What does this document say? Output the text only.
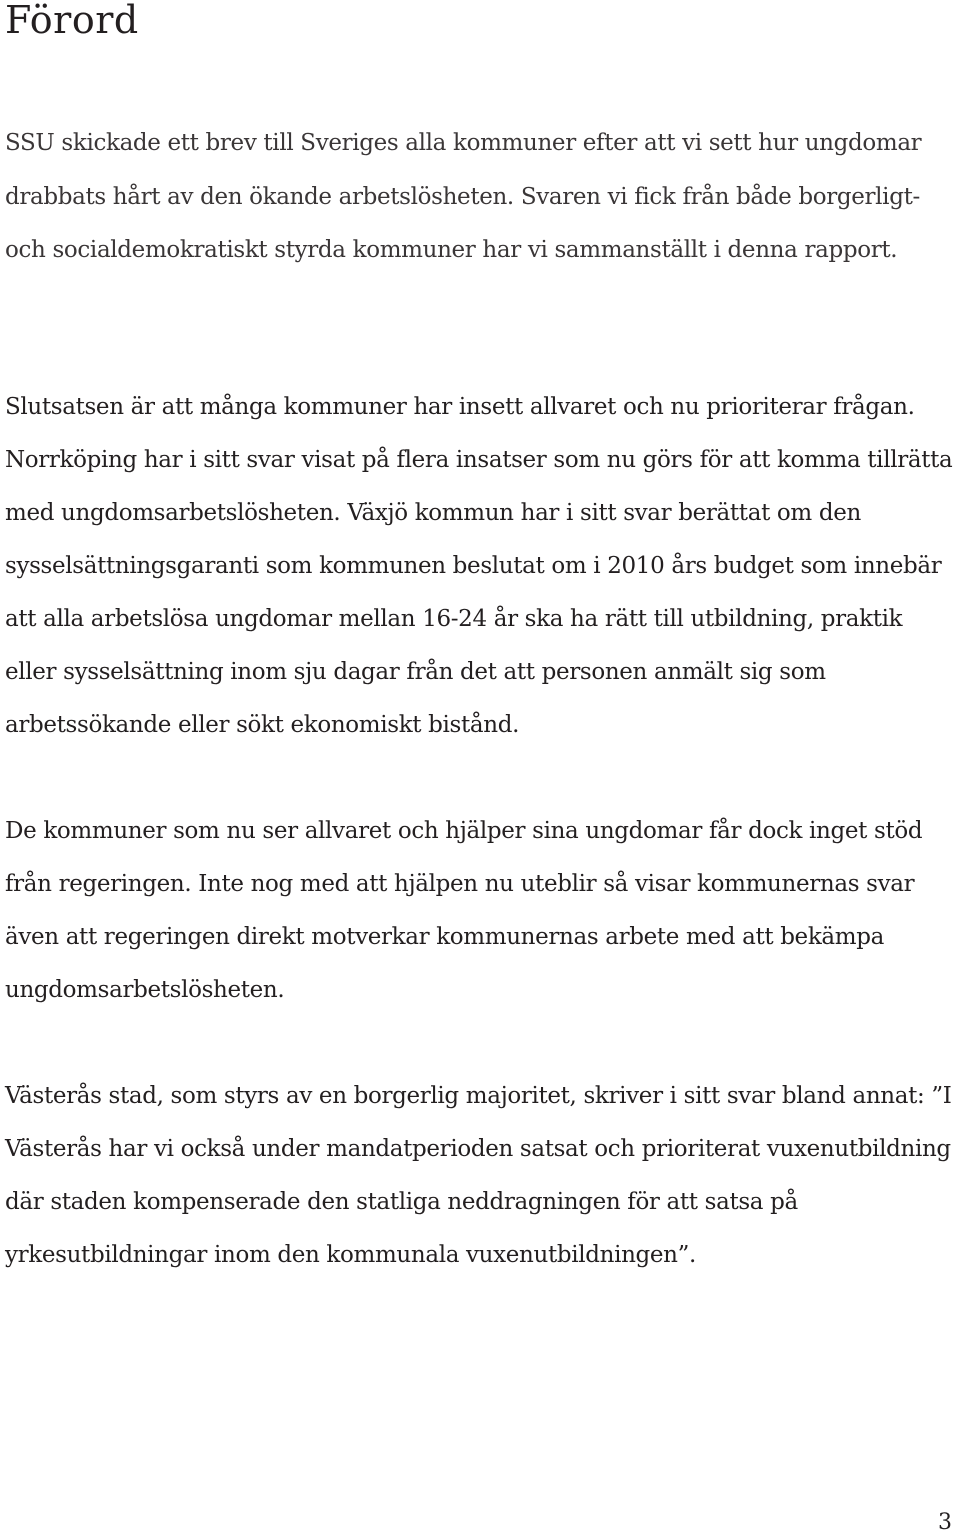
Förord

SSU skickade ett brev till Sveriges alla kommuner efter att vi sett hur ungdomar drabbats hårt av den ökande arbetslösheten. Svaren vi fick från både borgerligt- och socialdemokratiskt styrda kommuner har vi sammanställt i denna rapport.

Slutsatsen är att många kommuner har insett allvaret och nu prioriterar frågan. Norrköping har i sitt svar visat på flera insatser som nu görs för att komma tillrätta med ungdomsarbetslösheten. Växjö kommun har i sitt svar berättat om den sysselsättningsgaranti som kommunen beslutat om i 2010 års budget som innebär att alla arbetslösa ungdomar mellan 16-24 år ska ha rätt till utbildning, praktik eller sysselsättning inom sju dagar från det att personen anmält sig som arbetssökande eller sökt ekonomiskt bistånd.

De kommuner som nu ser allvaret och hjälper sina ungdomar får dock inget stöd från regeringen. Inte nog med att hjälpen nu uteblir så visar kommunernas svar även att regeringen direkt motverkar kommunernas arbete med att bekämpa ungdomsarbetslösheten.

Västerås stad, som styrs av en borgerlig majoritet, skriver i sitt svar bland annat: ”I Västerås har vi också under mandatperioden satsat och prioriterat vuxenutbildning där staden kompenserade den statliga neddragningen för att satsa på yrkesutbildningar inom den kommunala vuxenutbildningen”.

3
